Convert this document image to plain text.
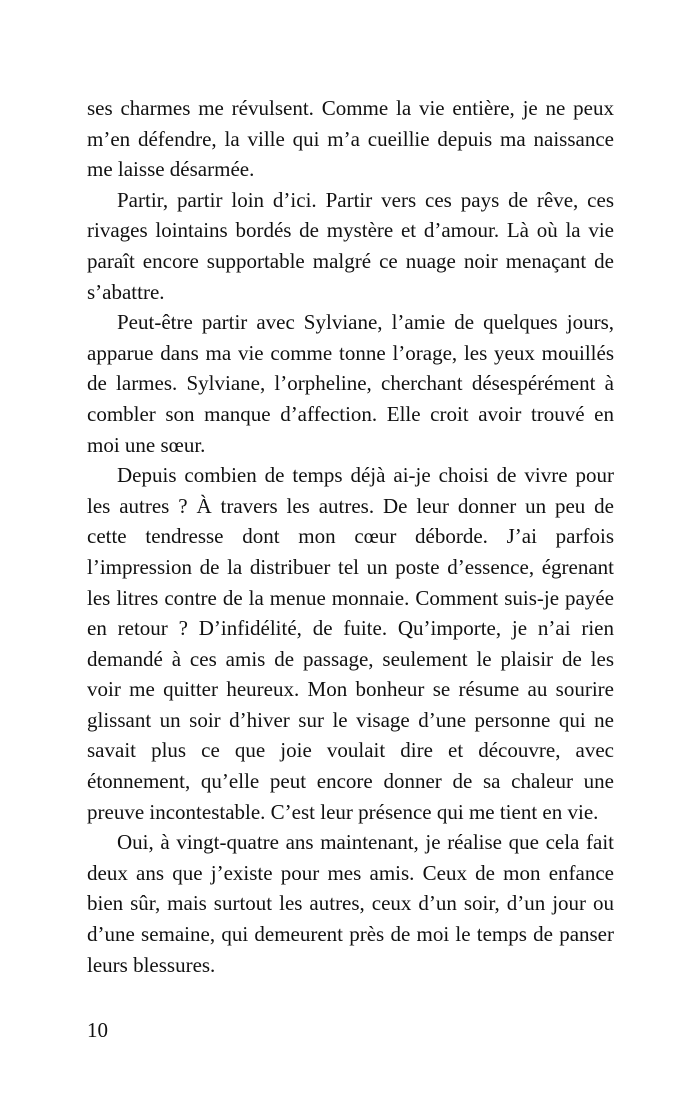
ses charmes me révulsent. Comme la vie entière, je ne peux m’en défendre, la ville qui m’a cueillie depuis ma naissance me laisse désarmée.

Partir, partir loin d’ici. Partir vers ces pays de rêve, ces rivages lointains bordés de mystère et d’amour. Là où la vie paraît encore supportable malgré ce nuage noir menaçant de s’abattre.

Peut-être partir avec Sylviane, l’amie de quelques jours, apparue dans ma vie comme tonne l’orage, les yeux mouillés de larmes. Sylviane, l’orpheline, cherchant désespérément à combler son manque d’affection. Elle croit avoir trouvé en moi une sœur.

Depuis combien de temps déjà ai-je choisi de vivre pour les autres ? À travers les autres. De leur donner un peu de cette tendresse dont mon cœur déborde. J’ai parfois l’impression de la distribuer tel un poste d’essence, égrenant les litres contre de la menue monnaie. Comment suis-je payée en retour ? D’infidélité, de fuite. Qu’importe, je n’ai rien demandé à ces amis de passage, seulement le plaisir de les voir me quitter heureux. Mon bonheur se résume au sourire glissant un soir d’hiver sur le visage d’une personne qui ne savait plus ce que joie voulait dire et découvre, avec étonnement, qu’elle peut encore donner de sa chaleur une preuve incontestable. C’est leur présence qui me tient en vie.

Oui, à vingt-quatre ans maintenant, je réalise que cela fait deux ans que j’existe pour mes amis. Ceux de mon enfance bien sûr, mais surtout les autres, ceux d’un soir, d’un jour ou d’une semaine, qui demeurent près de moi le temps de panser leurs blessures.

10
